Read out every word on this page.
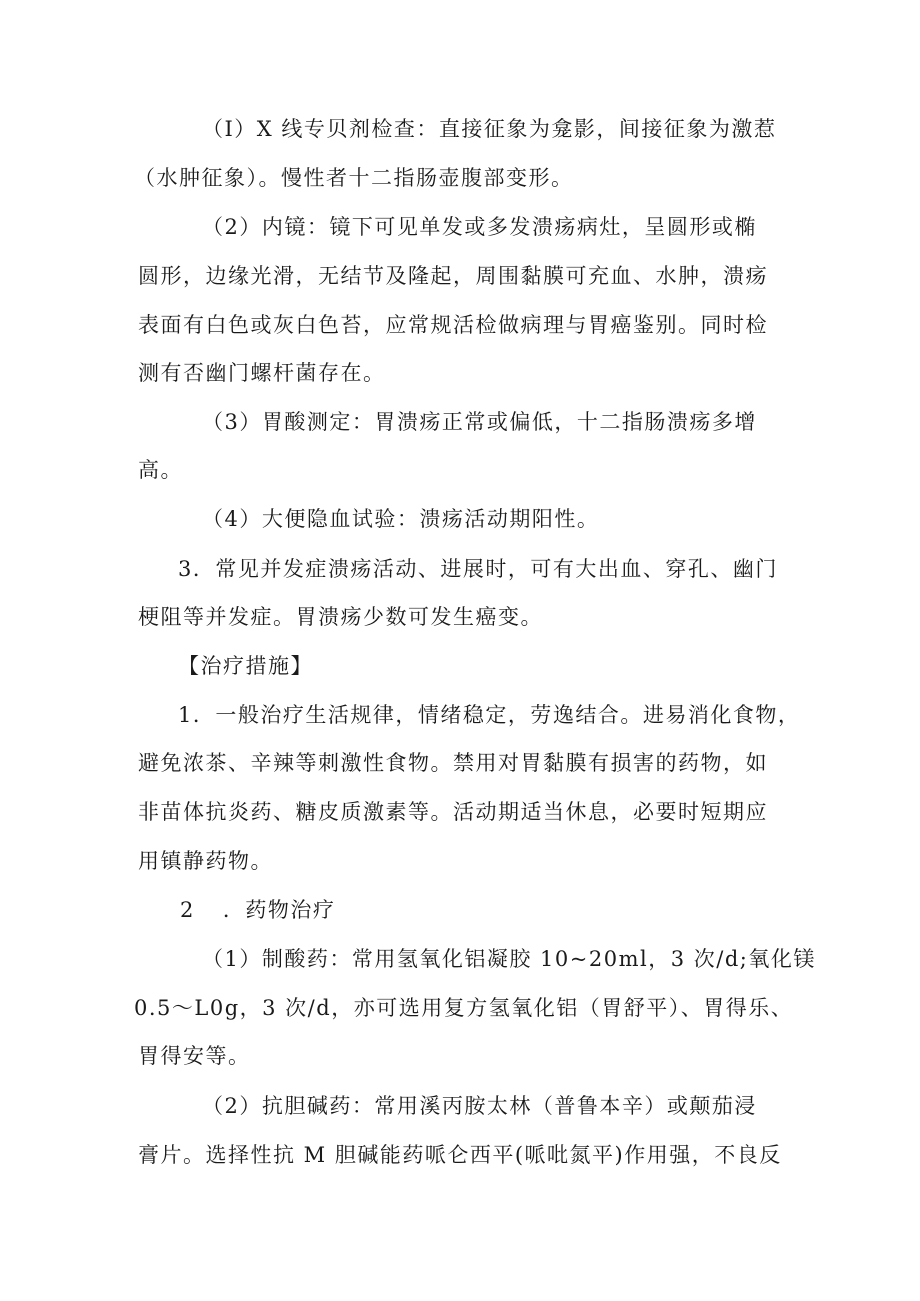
（I）X 线专贝剂检查：直接征象为龛影，间接征象为激惹

（水肿征象）。慢性者十二指肠壶腹部变形。

（2）内镜：镜下可见单发或多发溃疡病灶，呈圆形或椭

圆形，边缘光滑，无结节及隆起，周围黏膜可充血、水肿，溃疡

表面有白色或灰白色苔，应常规活检做病理与胃癌鉴别。同时检

测有否幽门螺杆菌存在。

（3）胃酸测定：胃溃疡正常或偏低，十二指肠溃疡多增

高。

（4）大便隐血试验：溃疡活动期阳性。

3．常见并发症溃疡活动、进展时，可有大出血、穿孔、幽门

梗阻等并发症。胃溃疡少数可发生癌变。

【治疗措施】

1．一般治疗生活规律，情绪稳定，劳逸结合。进易消化食物，

避免浓茶、辛辣等刺激性食物。禁用对胃黏膜有损害的药物，如

非苗体抗炎药、糖皮质激素等。活动期适当休息，必要时短期应

用镇静药物。

2 ．药物治疗

（1）制酸药：常用氢氧化铝凝胶 10~20ml，3 次/d;氧化镁

0.5～L0g，3 次/d，亦可选用复方氢氧化铝（胃舒平）、胃得乐、

胃得安等。

（2）抗胆碱药：常用溪丙胺太林（普鲁本辛）或颠茄浸

膏片。选择性抗 M 胆碱能药哌仑西平(哌吡氮平)作用强，不良反
